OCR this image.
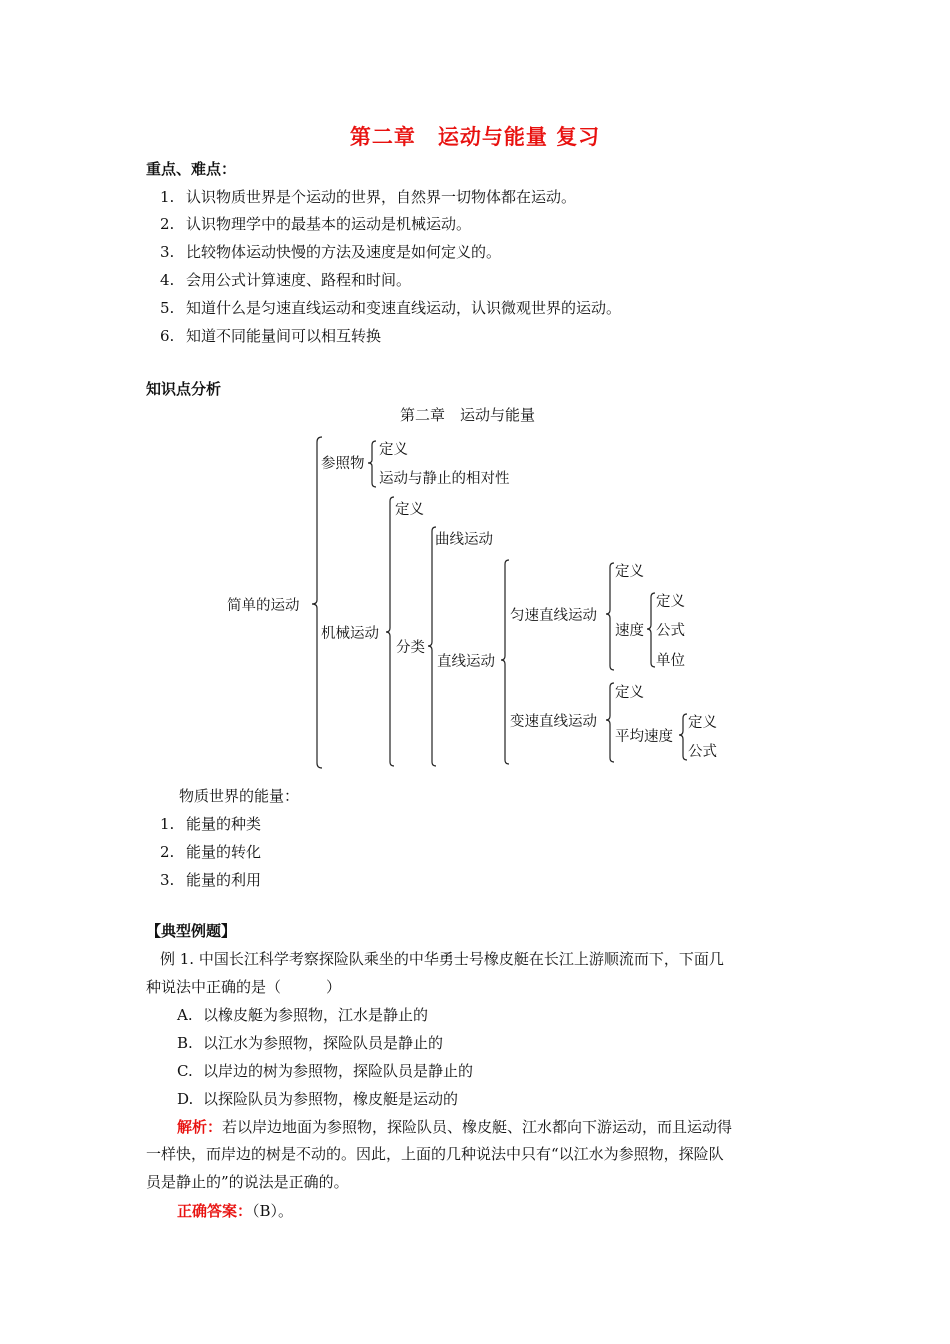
第二章　运动与能量 复习
重点、难点：
1. 认识物质世界是个运动的世界，自然界一切物体都在运动。
2. 认识物理学中的最基本的运动是机械运动。
3. 比较物体运动快慢的方法及速度是如何定义的。
4. 会用公式计算速度、路程和时间。
5. 知道什么是匀速直线运动和变速直线运动，认识微观世界的运动。
6. 知道不同能量间可以相互转换
知识点分析
第二章　运动与能量
简单的运动
参照物
定义
运动与静止的相对性
机械运动
定义
分类
曲线运动
直线运动
匀速直线运动
定义
速度
定义
公式
单位
变速直线运动
定义
平均速度
定义
公式
物质世界的能量：
1. 能量的种类
2. 能量的转化
3. 能量的利用
【典型例题】
例 1. 中国长江科学考察探险队乘坐的中华勇士号橡皮艇在长江上游顺流而下，下面几
种说法中正确的是（　　　）
A. 以橡皮艇为参照物，江水是静止的
B. 以江水为参照物，探险队员是静止的
C. 以岸边的树为参照物，探险队员是静止的
D. 以探险队员为参照物，橡皮艇是运动的
解析：若以岸边地面为参照物，探险队员、橡皮艇、江水都向下游运动，而且运动得
一样快，而岸边的树是不动的。因此，上面的几种说法中只有“以江水为参照物，探险队
员是静止的”的说法是正确的。
正确答案：（B）。
